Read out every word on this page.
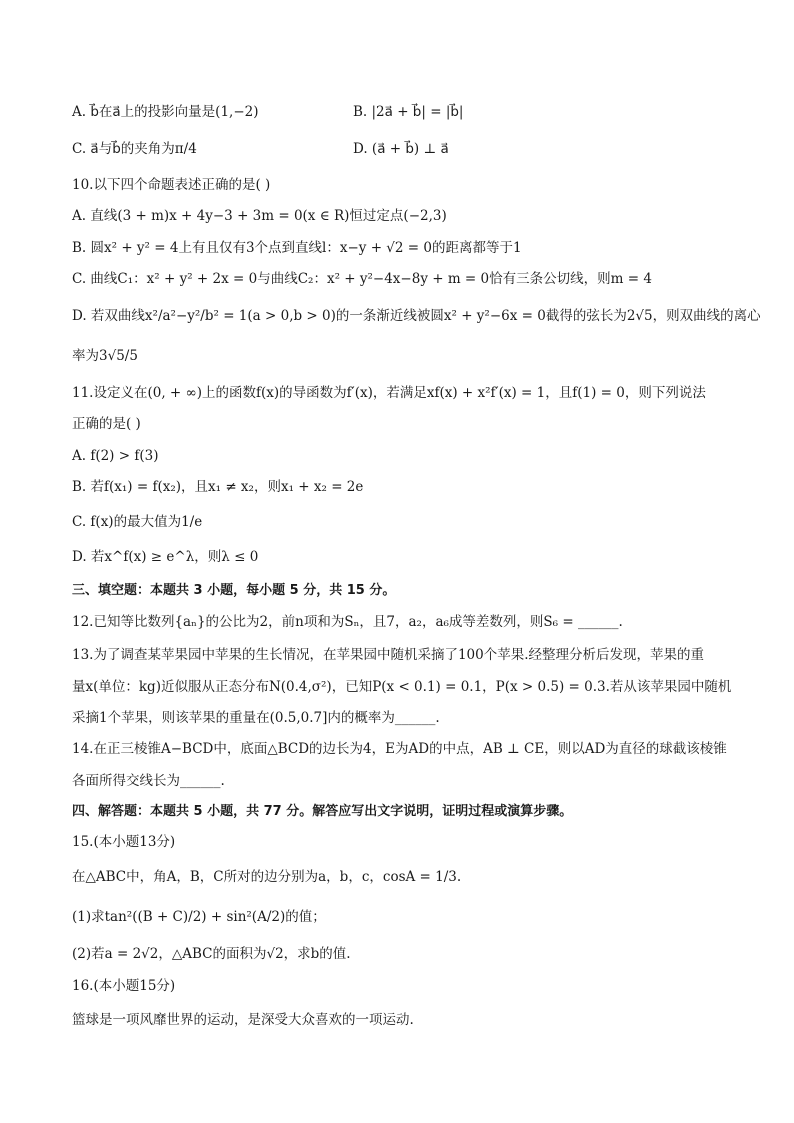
A. b⃗在a⃗上的投影向量是(1,−2)	B. |2a⃗ + b⃗| = |b⃗|
C. a⃗与b⃗的夹角为π/4	D. (a⃗ + b⃗) ⊥ a⃗
10.以下四个命题表述正确的是( )
A. 直线(3 + m)x + 4y−3 + 3m = 0(x ∈ R)恒过定点(−2,3)
B. 圆x² + y² = 4上有且仅有3个点到直线l：x−y + √2 = 0的距离都等于1
C. 曲线C₁：x² + y² + 2x = 0与曲线C₂：x² + y²−4x−8y + m = 0恰有三条公切线，则m = 4
D. 若双曲线x²/a²−y²/b² = 1(a > 0,b > 0)的一条渐近线被圆x² + y²−6x = 0截得的弦长为2√5，则双曲线的离心
率为3√5/5
11.设定义在(0, + ∞)上的函数f(x)的导函数为f′(x)，若满足xf(x) + x²f′(x) = 1，且f(1) = 0，则下列说法
正确的是( )
A. f(2) > f(3)
B. 若f(x₁) = f(x₂)，且x₁ ≠ x₂，则x₁ + x₂ = 2e
C. f(x)的最大值为1/e
D. 若x^f(x) ≥ e^λ，则λ ≤ 0
三、填空题：本题共 3 小题，每小题 5 分，共 15 分。
12.已知等比数列{aₙ}的公比为2，前n项和为Sₙ，且7，a₂，a₆成等差数列，则S₆ = ______.
13.为了调查某苹果园中苹果的生长情况，在苹果园中随机采摘了100个苹果.经整理分析后发现，苹果的重
量x(单位：kg)近似服从正态分布N(0.4,σ²)，已知P(x < 0.1) = 0.1，P(x > 0.5) = 0.3.若从该苹果园中随机
采摘1个苹果，则该苹果的重量在(0.5,0.7]内的概率为______.
14.在正三棱锥A−BCD中，底面△BCD的边长为4，E为AD的中点，AB ⊥ CE，则以AD为直径的球截该棱锥
各面所得交线长为______.
四、解答题：本题共 5 小题，共 77 分。解答应写出文字说明，证明过程或演算步骤。
15.(本小题13分)
在△ABC中，角A，B，C所对的边分别为a，b，c，cosA = 1/3.
(1)求tan²((B + C)/2) + sin²(A/2)的值；
(2)若a = 2√2，△ABC的面积为√2，求b的值.
16.(本小题15分)
篮球是一项风靡世界的运动，是深受大众喜欢的一项运动.
